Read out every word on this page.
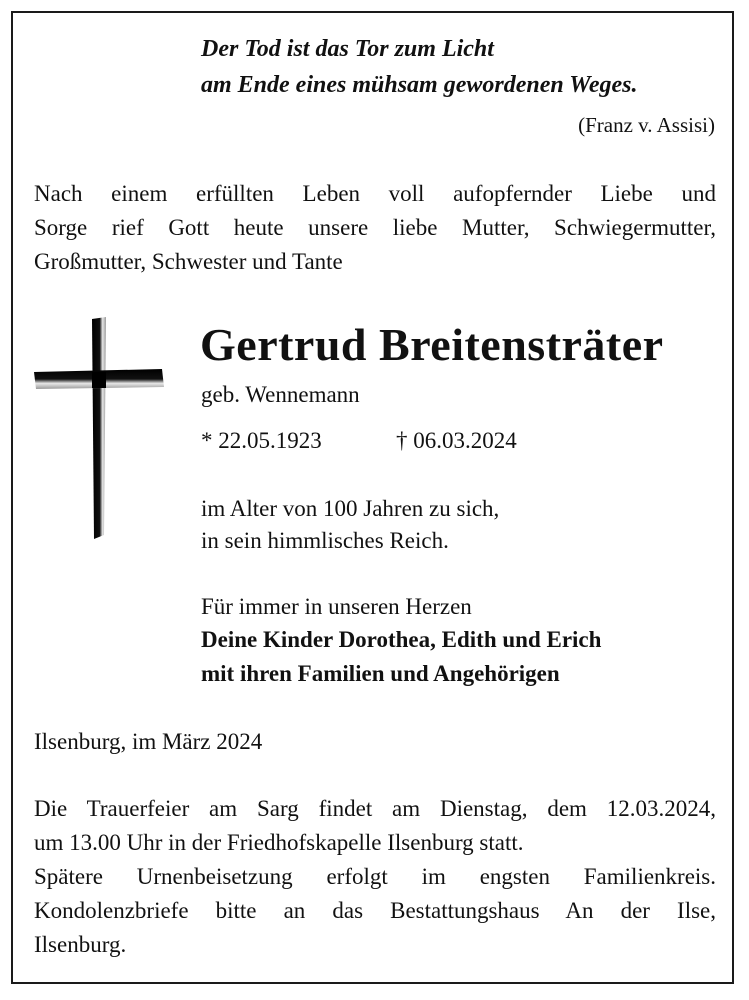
Der Tod ist das Tor zum Licht
am Ende eines mühsam gewordenen Weges.
(Franz v. Assisi)
Nach einem erfüllten Leben voll aufopfernder Liebe und
Sorge rief Gott heute unsere liebe Mutter, Schwiegermutter,
Großmutter, Schwester und Tante
Gertrud Breitensträter
geb. Wennemann
* 22.05.1923	† 06.03.2024
im Alter von 100 Jahren zu sich,
in sein himmlisches Reich.
Für immer in unseren Herzen
Deine Kinder Dorothea, Edith und Erich
mit ihren Familien und Angehörigen
Ilsenburg, im März 2024
Die Trauerfeier am Sarg findet am Dienstag, dem 12.03.2024,
um 13.00 Uhr in der Friedhofskapelle Ilsenburg statt.
Spätere Urnenbeisetzung erfolgt im engsten Familienkreis.
Kondolenzbriefe bitte an das Bestattungshaus An der Ilse,
Ilsenburg.
